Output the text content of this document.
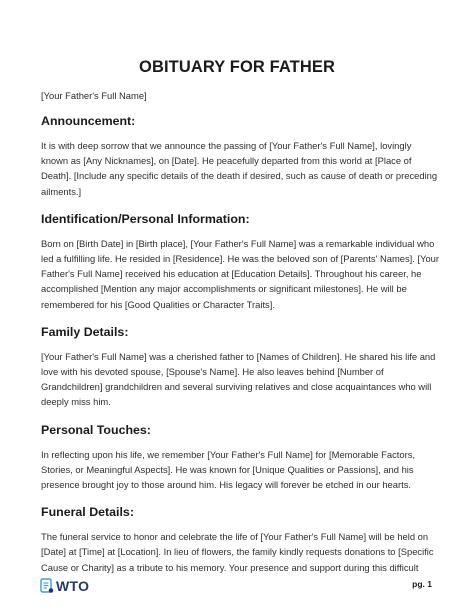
OBITUARY FOR FATHER
[Your Father's Full Name]
Announcement:

It is with deep sorrow that we announce the passing of [Your Father's Full Name], lovingly known as [Any Nicknames], on [Date]. He peacefully departed from this world at [Place of Death]. [Include any specific details of the death if desired, such as cause of death or preceding ailments.]

Identification/Personal Information:

Born on [Birth Date] in [Birth place], [Your Father's Full Name] was a remarkable individual who led a fulfilling life. He resided in [Residence]. He was the beloved son of [Parents' Names]. [Your Father's Full Name] received his education at [Education Details]. Throughout his career, he accomplished [Mention any major accomplishments or significant milestones]. He will be remembered for his [Good Qualities or Character Traits].

Family Details:

[Your Father's Full Name] was a cherished father to [Names of Children]. He shared his life and love with his devoted spouse, [Spouse's Name]. He also leaves behind [Number of Grandchildren] grandchildren and several surviving relatives and close acquaintances who will deeply miss him.

Personal Touches:

In reflecting upon his life, we remember [Your Father's Full Name] for [Memorable Factors, Stories, or Meaningful Aspects]. He was known for [Unique Qualities or Passions], and his presence brought joy to those around him. His legacy will forever be etched in our hearts.

Funeral Details:

The funeral service to honor and celebrate the life of [Your Father's Full Name] will be held on [Date] at [Time] at [Location]. In lieu of flowers, the family kindly requests donations to [Specific Cause or Charity] as a tribute to his memory. Your presence and support during this difficult

WTO	pg. 1
